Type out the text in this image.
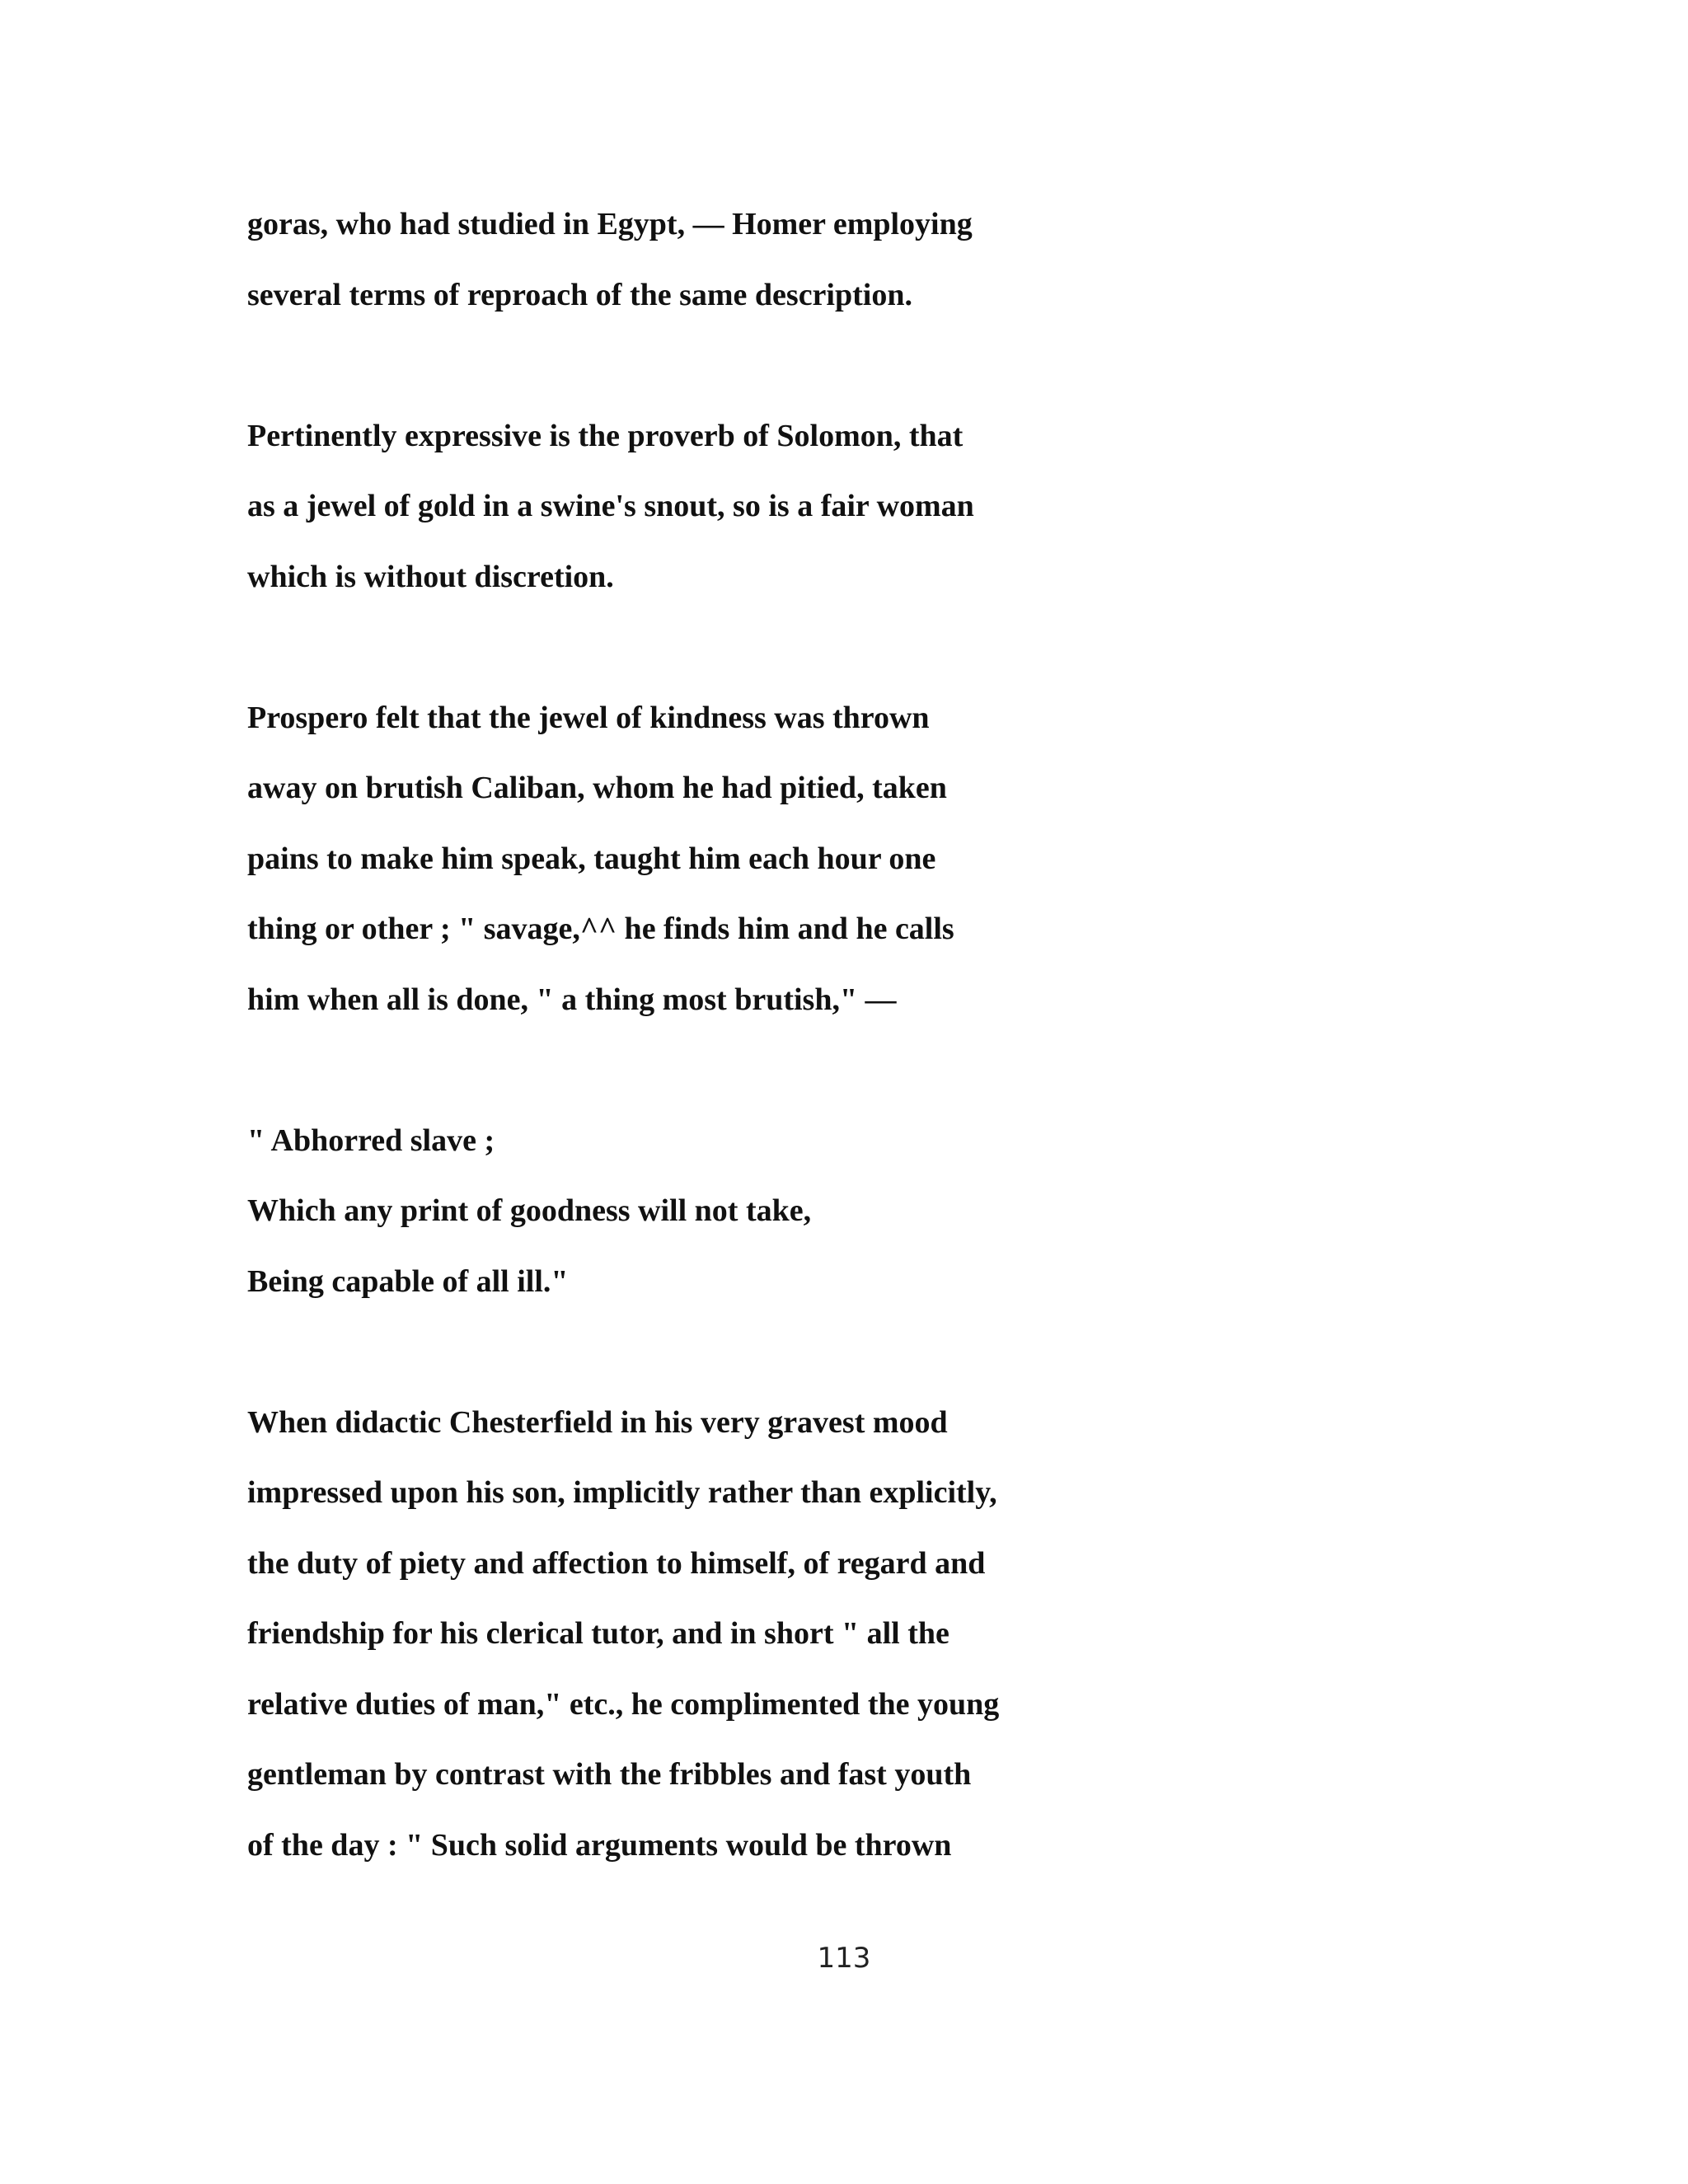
goras, who had studied in Egypt, — Homer employing
several terms of reproach of the same description.
Pertinently expressive is the proverb of Solomon, that
as a jewel of gold in a swine's snout, so is a fair woman
which is without discretion.
Prospero felt that the jewel of kindness was thrown
away on brutish Caliban, whom he had pitied, taken
pains to make him speak, taught him each hour one
thing or other ; " savage,^^ he finds him and he calls
him when all is done, " a thing most brutish," —
" Abhorred slave ;
Which any print of goodness will not take,
Being capable of all ill."
When didactic Chesterfield in his very gravest mood
impressed upon his son, implicitly rather than explicitly,
the duty of piety and affection to himself, of regard and
friendship for his clerical tutor, and in short " all the
relative duties of man," etc., he complimented the young
gentleman by contrast with the fribbles and fast youth
of the day : " Such solid arguments would be thrown
113
